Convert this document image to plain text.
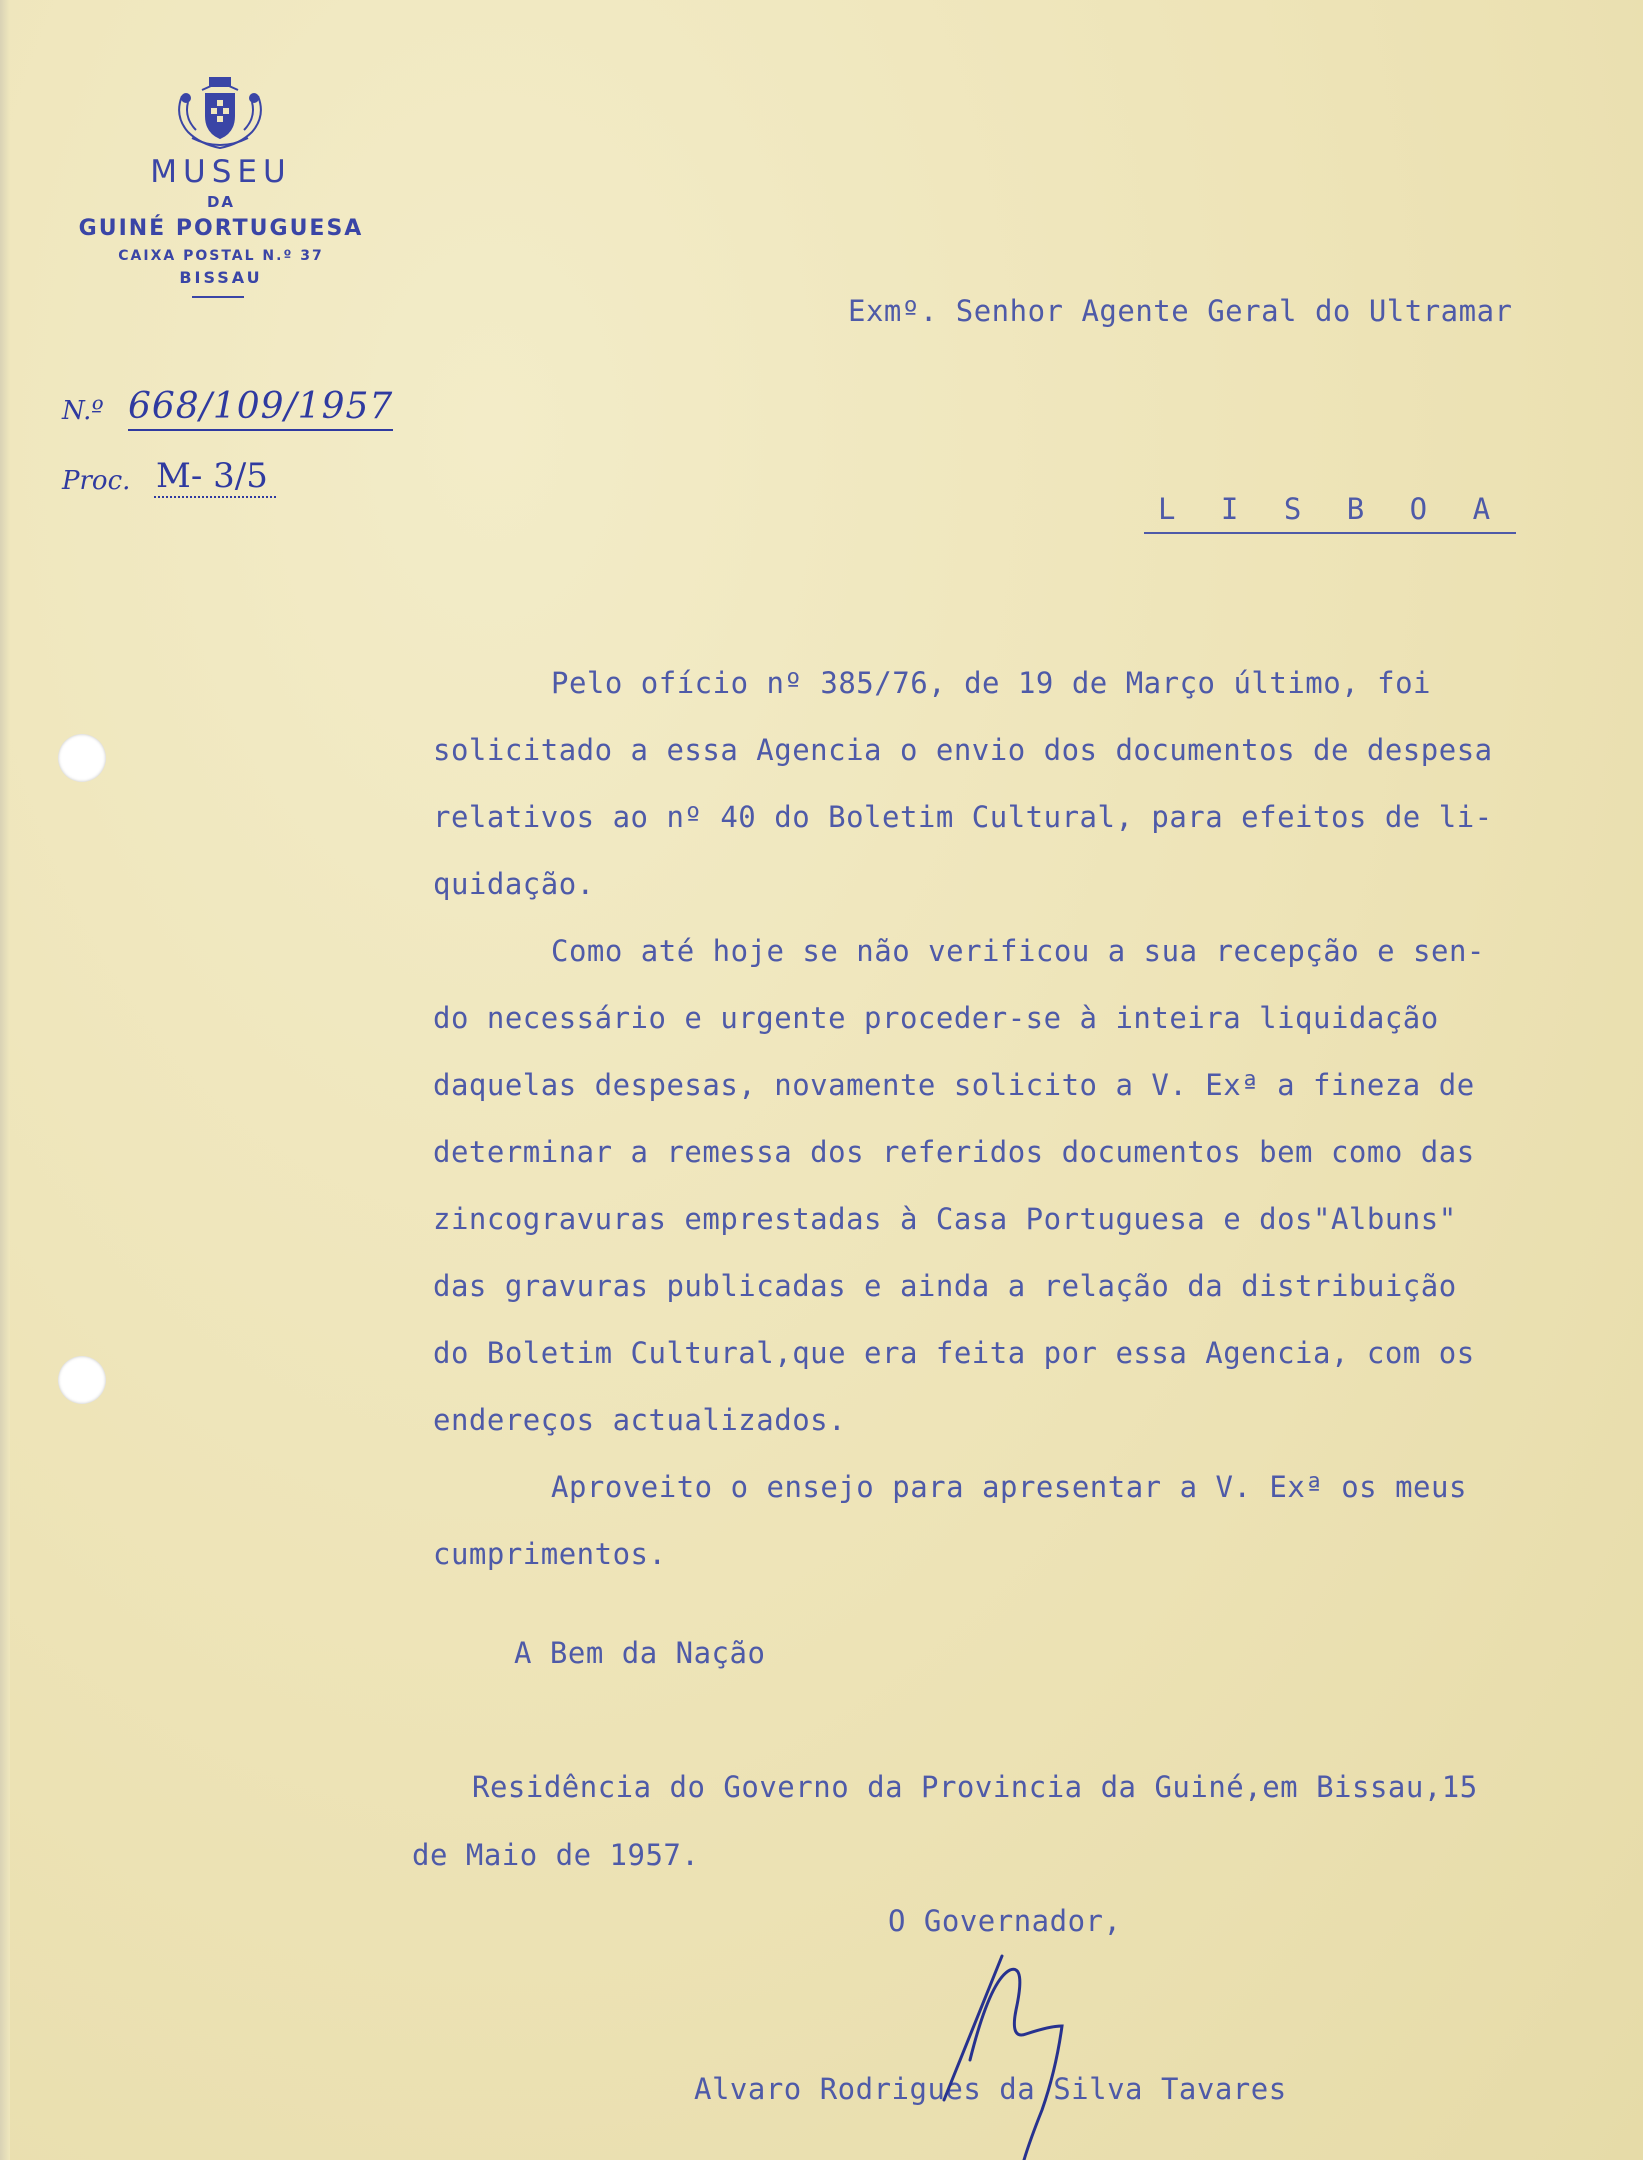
MUSEU
DA
GUINÉ PORTUGUESA
CAIXA POSTAL N.º 37
BISSAU
N.º 668/109/1957
Proc. M- 3/5
Exmº. Senhor Agente Geral do Ultramar
L I S B O A
Pelo ofício nº 385/76, de 19 de Março último, foi
solicitado a essa Agencia o envio dos documentos de despesa
relativos ao nº 40 do Boletim Cultural, para efeitos de li-
quidação.
Como até hoje se não verificou a sua recepção e sen-
do necessário e urgente proceder-se à inteira liquidação
daquelas despesas, novamente solicito a V. Exª a fineza de
determinar a remessa dos referidos documentos bem como das
zincogravuras emprestadas à Casa Portuguesa e dos"Albuns"
das gravuras publicadas e ainda a relação da distribuição
do Boletim Cultural,que era feita por essa Agencia, com os
endereços actualizados.
Aproveito o ensejo para apresentar a V. Exª os meus
cumprimentos.
A Bem da Nação
Residência do Governo da Provincia da Guiné,em Bissau,15
de Maio de 1957.
O Governador,
Alvaro Rodrigues da Silva Tavares
